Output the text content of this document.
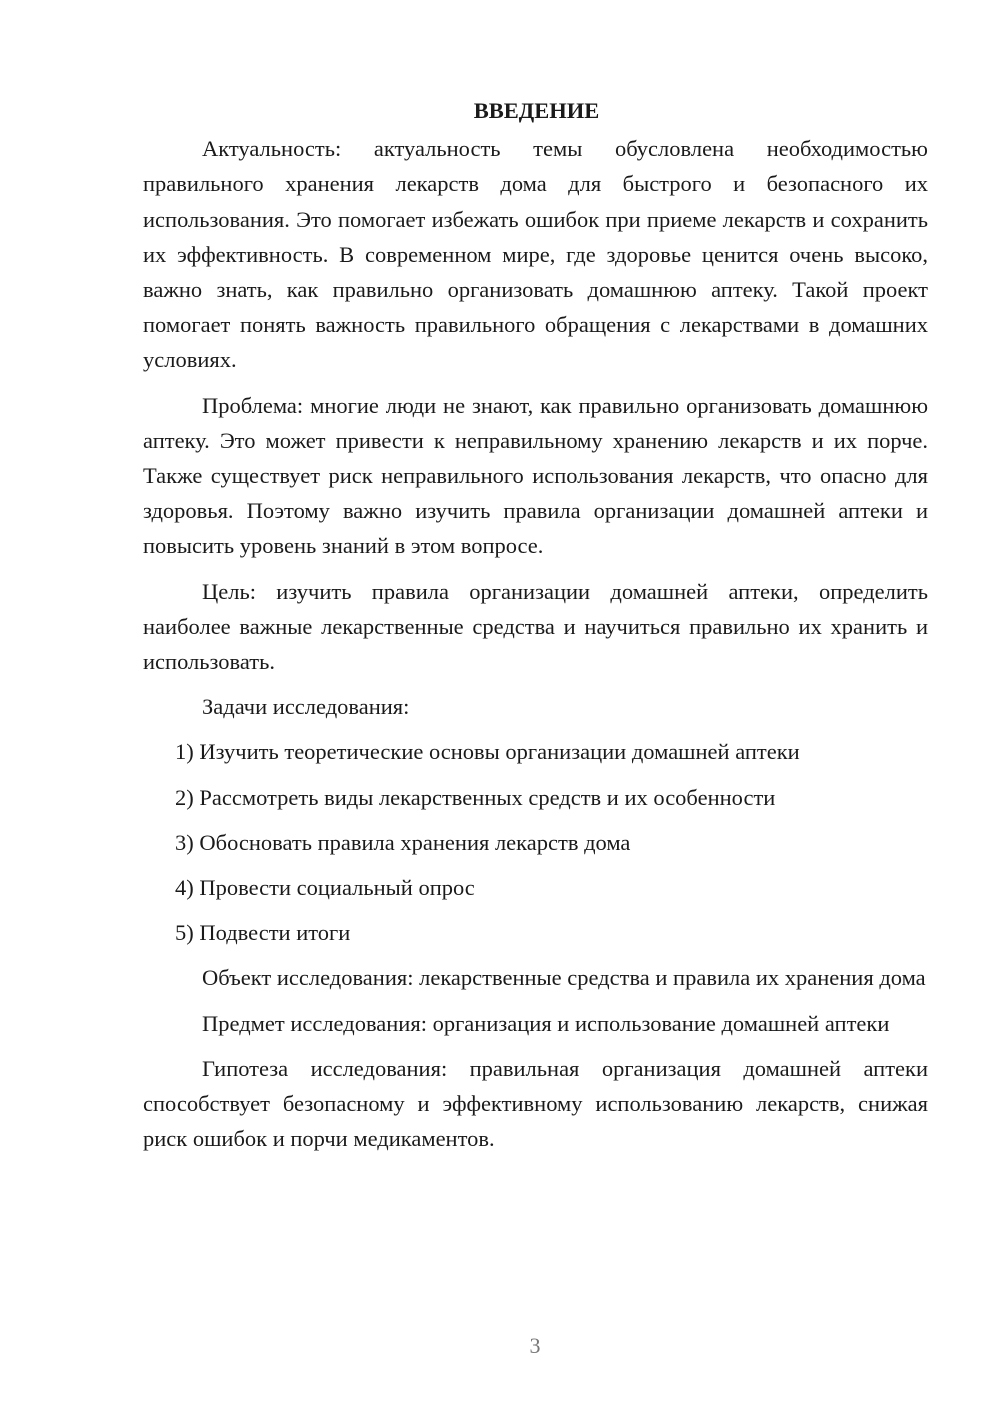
ВВЕДЕНИЕ

Актуальность: актуальность темы обусловлена необходимостью правильного хранения лекарств дома для быстрого и безопасного их использования. Это помогает избежать ошибок при приеме лекарств и сохранить их эффективность. В современном мире, где здоровье ценится очень высоко, важно знать, как правильно организовать домашнюю аптеку. Такой проект помогает понять важность правильного обращения с лекарствами в домашних условиях.

Проблема: многие люди не знают, как правильно организовать домашнюю аптеку. Это может привести к неправильному хранению лекарств и их порче. Также существует риск неправильного использования лекарств, что опасно для здоровья. Поэтому важно изучить правила организации домашней аптеки и повысить уровень знаний в этом вопросе.

Цель: изучить правила организации домашней аптеки, определить наиболее важные лекарственные средства и научиться правильно их хранить и использовать.

Задачи исследования:

1) Изучить теоретические основы организации домашней аптеки
2) Рассмотреть виды лекарственных средств и их особенности
3) Обосновать правила хранения лекарств дома
4) Провести социальный опрос
5) Подвести итоги

Объект исследования: лекарственные средства и правила их хранения дома

Предмет исследования: организация и использование домашней аптеки

Гипотеза исследования: правильная организация домашней аптеки способствует безопасному и эффективному использованию лекарств, снижая риск ошибок и порчи медикаментов.

3
